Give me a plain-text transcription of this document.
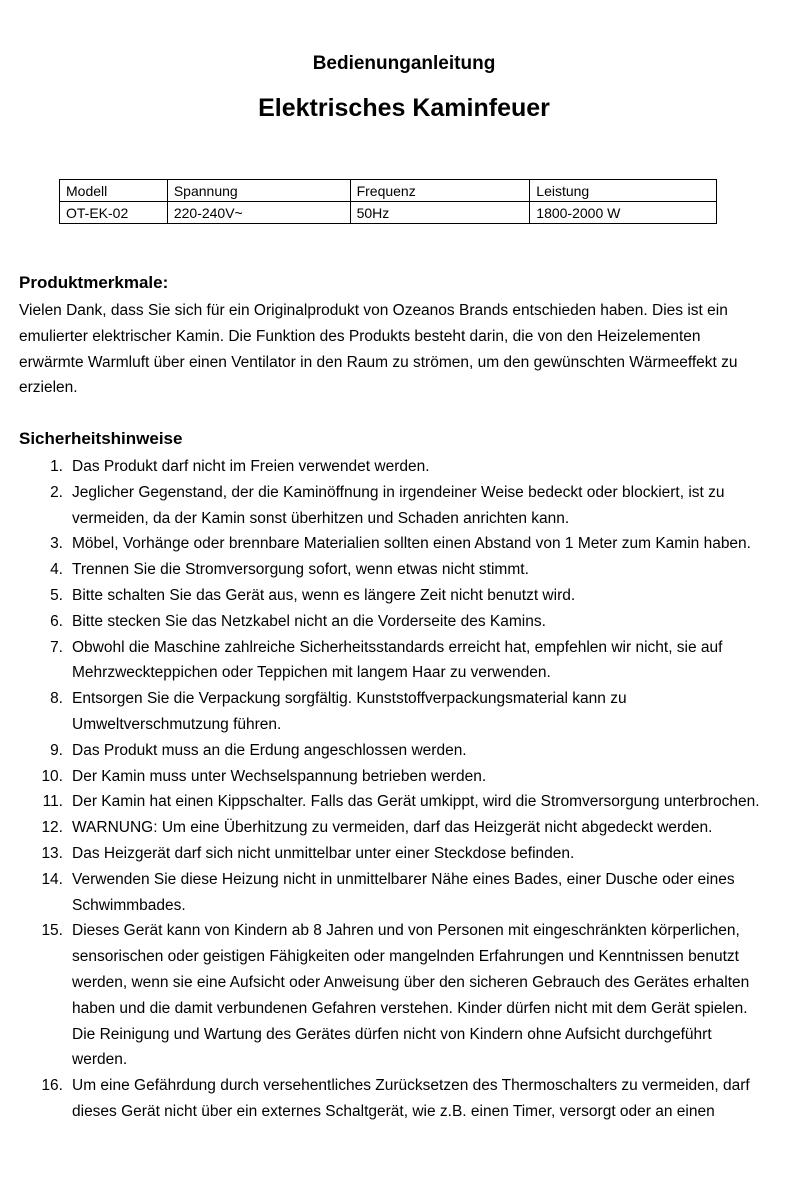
Bedienunganleitung
Elektrisches Kaminfeuer
Modell	Spannung	Frequenz	Leistung
OT-EK-02	220-240V~	50Hz	1800-2000 W
Produktmerkmale:
Vielen Dank, dass Sie sich für ein Originalprodukt von Ozeanos Brands entschieden haben. Dies ist ein
emulierter elektrischer Kamin. Die Funktion des Produkts besteht darin, die von den Heizelementen
erwärmte Warmluft über einen Ventilator in den Raum zu strömen, um den gewünschten Wärmeeffekt zu
erzielen.
Sicherheitshinweise
1. Das Produkt darf nicht im Freien verwendet werden.
2. Jeglicher Gegenstand, der die Kaminöffnung in irgendeiner Weise bedeckt oder blockiert, ist zu
vermeiden, da der Kamin sonst überhitzen und Schaden anrichten kann.
3. Möbel, Vorhänge oder brennbare Materialien sollten einen Abstand von 1 Meter zum Kamin haben.
4. Trennen Sie die Stromversorgung sofort, wenn etwas nicht stimmt.
5. Bitte schalten Sie das Gerät aus, wenn es längere Zeit nicht benutzt wird.
6. Bitte stecken Sie das Netzkabel nicht an die Vorderseite des Kamins.
7. Obwohl die Maschine zahlreiche Sicherheitsstandards erreicht hat, empfehlen wir nicht, sie auf
Mehrzweckteppichen oder Teppichen mit langem Haar zu verwenden.
8. Entsorgen Sie die Verpackung sorgfältig. Kunststoffverpackungsmaterial kann zu
Umweltverschmutzung führen.
9. Das Produkt muss an die Erdung angeschlossen werden.
10. Der Kamin muss unter Wechselspannung betrieben werden.
11. Der Kamin hat einen Kippschalter. Falls das Gerät umkippt, wird die Stromversorgung unterbrochen.
12. WARNUNG: Um eine Überhitzung zu vermeiden, darf das Heizgerät nicht abgedeckt werden.
13. Das Heizgerät darf sich nicht unmittelbar unter einer Steckdose befinden.
14. Verwenden Sie diese Heizung nicht in unmittelbarer Nähe eines Bades, einer Dusche oder eines
Schwimmbades.
15. Dieses Gerät kann von Kindern ab 8 Jahren und von Personen mit eingeschränkten körperlichen,
sensorischen oder geistigen Fähigkeiten oder mangelnden Erfahrungen und Kenntnissen benutzt
werden, wenn sie eine Aufsicht oder Anweisung über den sicheren Gebrauch des Gerätes erhalten
haben und die damit verbundenen Gefahren verstehen. Kinder dürfen nicht mit dem Gerät spielen.
Die Reinigung und Wartung des Gerätes dürfen nicht von Kindern ohne Aufsicht durchgeführt
werden.
16. Um eine Gefährdung durch versehentliches Zurücksetzen des Thermoschalters zu vermeiden, darf
dieses Gerät nicht über ein externes Schaltgerät, wie z.B. einen Timer, versorgt oder an einen
